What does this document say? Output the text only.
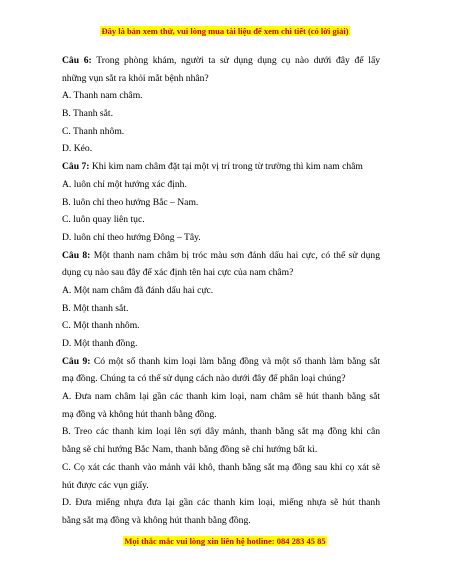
Đây là bản xem thử, vui lòng mua tài liệu để xem chi tiết (có lời giải)
Câu 6: Trong phòng khám, người ta sử dụng dụng cụ nào dưới đây để lấy
những vụn sắt ra khỏi mắt bệnh nhân?
A. Thanh nam châm.
B. Thanh sắt.
C. Thanh nhôm.
D. Kéo.
Câu 7: Khi kim nam châm đặt tại một vị trí trong từ trường thì kim nam châm
A. luôn chỉ một hướng xác định.
B. luôn chỉ theo hướng Bắc – Nam.
C. luôn quay liên tục.
D. luôn chỉ theo hướng Đông – Tây.
Câu 8: Một thanh nam châm bị tróc màu sơn đánh dấu hai cực, có thể sử dụng
dụng cụ nào sau đây để xác định tên hai cực của nam châm?
A. Một nam châm đã đánh dấu hai cực.
B. Một thanh sắt.
C. Một thanh nhôm.
D. Một thanh đồng.
Câu 9: Có một số thanh kim loại làm bằng đồng và một số thanh làm bằng sắt
mạ đồng. Chúng ta có thể sử dụng cách nào dưới đây để phân loại chúng?
A. Đưa nam châm lại gần các thanh kim loại, nam châm sẽ hút thanh bằng sắt
mạ đồng và không hút thanh bằng đồng.
B. Treo các thanh kim loại lên sợi dây mảnh, thanh bằng sắt mạ đồng khi cân
bằng sẽ chỉ hướng Bắc Nam, thanh bằng đồng sẽ chỉ hướng bất kì.
C. Cọ xát các thanh vào mảnh vải khô, thanh bằng sắt mạ đồng sau khi cọ xát sẽ
hút được các vụn giấy.
D. Đưa miếng nhựa đưa lại gần các thanh kim loại, miếng nhựa sẽ hút thanh
bằng sắt mạ đồng và không hút thanh bằng đồng.
Mọi thắc mắc vui lòng xin liên hệ hotline: 084 283 45 85
